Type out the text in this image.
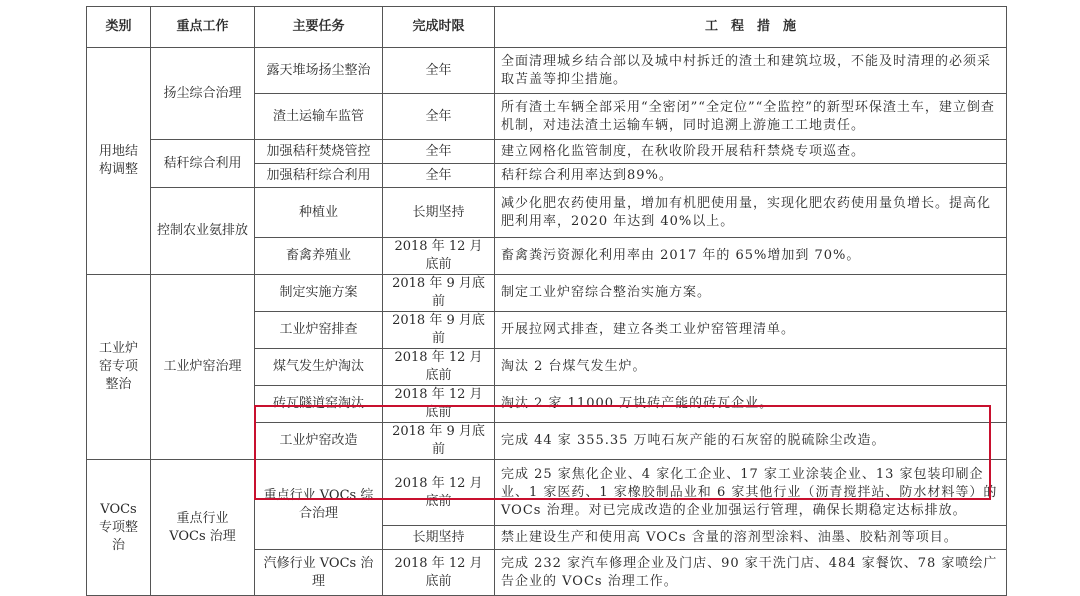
类别	重点工作	主要任务	完成时限	工　程　措　施
用地结构调整	扬尘综合治理	露天堆场扬尘整治	全年	全面清理城乡结合部以及城中村拆迁的渣土和建筑垃圾，不能及时清理的必须采取苫盖等抑尘措施。
		渣土运输车监管	全年	所有渣土车辆全部采用“全密闭”“全定位”“全监控”的新型环保渣土车，建立倒查机制，对违法渣土运输车辆，同时追溯上游施工工地责任。
	秸秆综合利用	加强秸秆焚烧管控	全年	建立网格化监管制度，在秋收阶段开展秸秆禁烧专项巡查。
		加强秸秆综合利用	全年	秸秆综合利用率达到89%。
	控制农业氨排放	种植业	长期坚持	减少化肥农药使用量，增加有机肥使用量，实现化肥农药使用量负增长。提高化肥利用率，2020 年达到 40%以上。
		畜禽养殖业	2018 年 12 月底前	畜禽粪污资源化利用率由 2017 年的 65%增加到 70%。
工业炉窑专项整治	工业炉窑治理	制定实施方案	2018 年 9 月底前	制定工业炉窑综合整治实施方案。
		工业炉窑排查	2018 年 9 月底前	开展拉网式排查，建立各类工业炉窑管理清单。
		煤气发生炉淘汰	2018 年 12 月底前	淘汰 2 台煤气发生炉。
		砖瓦隧道窑淘汰	2018 年 12 月底前	淘汰 2 家 11000 万块砖产能的砖瓦企业。
		工业炉窑改造	2018 年 9 月底前	完成 44 家 355.35 万吨石灰产能的石灰窑的脱硫除尘改造。
VOCs 专项整治	重点行业 VOCs 治理	重点行业 VOCs 综合治理	2018 年 12 月底前	完成 25 家焦化企业、4 家化工企业、17 家工业涂装企业、13 家包装印刷企业、1 家医药、1 家橡胶制品业和 6 家其他行业（沥青搅拌站、防水材料等）的 VOCs 治理。对已完成改造的企业加强运行管理，确保长期稳定达标排放。
			长期坚持	禁止建设生产和使用高 VOCs 含量的溶剂型涂料、油墨、胶粘剂等项目。
		汽修行业 VOCs 治理	2018 年 12 月底前	完成 232 家汽车修理企业及门店、90 家干洗门店、484 家餐饮、78 家喷绘广告企业的 VOCs 治理工作。
